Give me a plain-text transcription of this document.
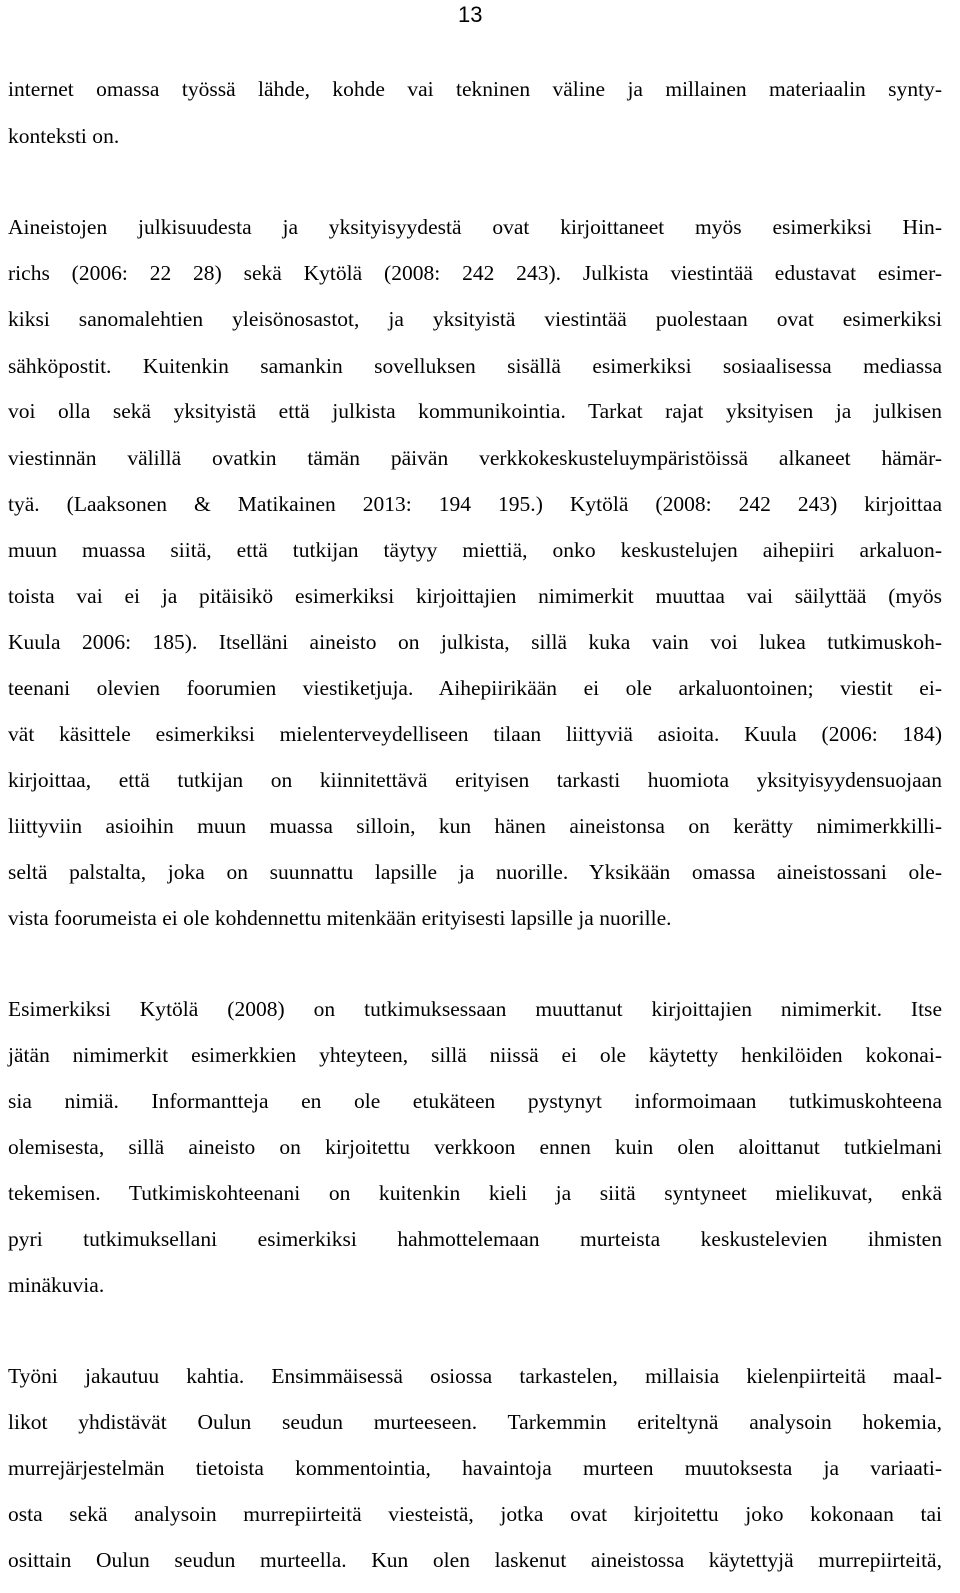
13
internet omassa työssä lähde, kohde vai tekninen väline ja millainen materiaalin synty-
konteksti on.
Aineistojen julkisuudesta ja yksityisyydestä ovat kirjoittaneet myös esimerkiksi Hin-
richs (2006: 22 28) sekä Kytölä (2008: 242 243). Julkista viestintää edustavat esimer-
kiksi sanomalehtien yleisönosastot, ja yksityistä viestintää puolestaan ovat esimerkiksi
sähköpostit. Kuitenkin samankin sovelluksen sisällä esimerkiksi sosiaalisessa mediassa
voi olla sekä yksityistä että julkista kommunikointia. Tarkat rajat yksityisen ja julkisen
viestinnän välillä ovatkin tämän päivän verkkokeskusteluympäristöissä alkaneet hämär-
tyä. (Laaksonen & Matikainen 2013: 194 195.) Kytölä (2008: 242 243) kirjoittaa
muun muassa siitä, että tutkijan täytyy miettiä, onko keskustelujen aihepiiri arkaluon-
toista vai ei ja pitäisikö esimerkiksi kirjoittajien nimimerkit muuttaa vai säilyttää (myös
Kuula 2006: 185). Itselläni aineisto on julkista, sillä kuka vain voi lukea tutkimuskoh-
teenani olevien foorumien viestiketjuja. Aihepiirikään ei ole arkaluontoinen; viestit ei-
vät käsittele esimerkiksi mielenterveydelliseen tilaan liittyviä asioita. Kuula (2006: 184)
kirjoittaa, että tutkijan on kiinnitettävä erityisen tarkasti huomiota yksityisyydensuojaan
liittyviin asioihin muun muassa silloin, kun hänen aineistonsa on kerätty nimimerkkilli-
seltä palstalta, joka on suunnattu lapsille ja nuorille. Yksikään omassa aineistossani ole-
vista foorumeista ei ole kohdennettu mitenkään erityisesti lapsille ja nuorille.
Esimerkiksi Kytölä (2008) on tutkimuksessaan muuttanut kirjoittajien nimimerkit. Itse
jätän nimimerkit esimerkkien yhteyteen, sillä niissä ei ole käytetty henkilöiden kokonai-
sia nimiä. Informantteja en ole etukäteen pystynyt informoimaan tutkimuskohteena
olemisesta, sillä aineisto on kirjoitettu verkkoon ennen kuin olen aloittanut tutkielmani
tekemisen. Tutkimiskohteenani on kuitenkin kieli ja siitä syntyneet mielikuvat, enkä
pyri tutkimuksellani esimerkiksi hahmottelemaan murteista keskustelevien ihmisten
minäkuvia.
Työni jakautuu kahtia. Ensimmäisessä osiossa tarkastelen, millaisia kielenpiirteitä maal-
likot yhdistävät Oulun seudun murteeseen. Tarkemmin eriteltynä analysoin hokemia,
murrejärjestelmän tietoista kommentointia, havaintoja murteen muutoksesta ja variaati-
osta sekä analysoin murrepiirteitä viesteistä, jotka ovat kirjoitettu joko kokonaan tai
osittain Oulun seudun murteella. Kun olen laskenut aineistossa käytettyjä murrepiirteitä,
